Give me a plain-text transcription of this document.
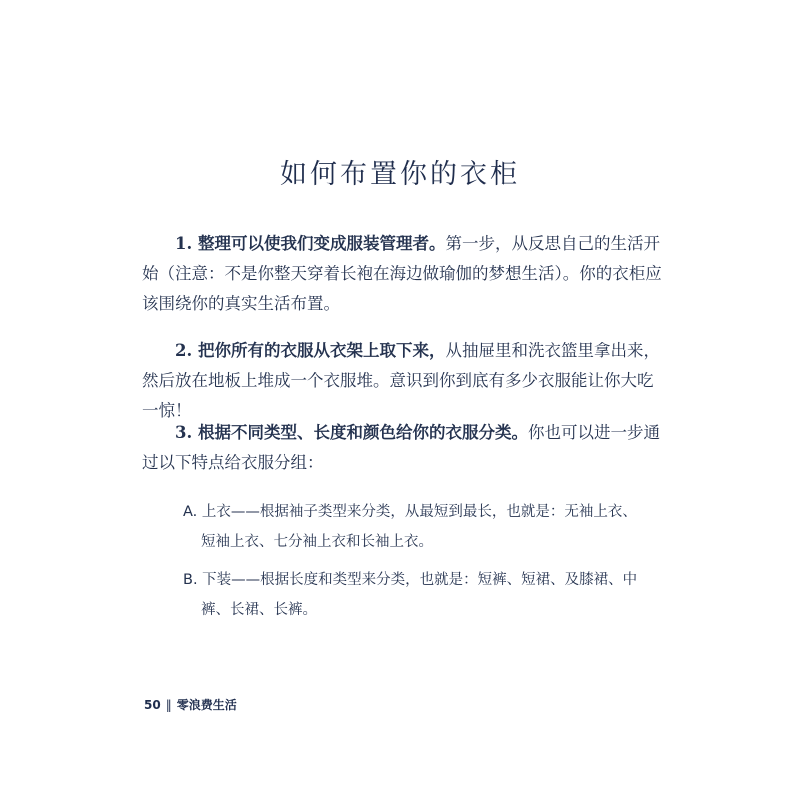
如何布置你的衣柜
1. 整理可以使我们变成服装管理者。第一步，从反思自己的生活开始（注意：不是你整天穿着长袍在海边做瑜伽的梦想生活）。你的衣柜应该围绕你的真实生活布置。
2. 把你所有的衣服从衣架上取下来，从抽屉里和洗衣篮里拿出来，然后放在地板上堆成一个衣服堆。意识到你到底有多少衣服能让你大吃一惊！
3. 根据不同类型、长度和颜色给你的衣服分类。你也可以进一步通过以下特点给衣服分组：
A. 上衣——根据袖子类型来分类，从最短到最长，也就是：无袖上衣、短袖上衣、七分袖上衣和长袖上衣。
B. 下装——根据长度和类型来分类，也就是：短裤、短裙、及膝裙、中裤、长裙、长裤。
50 ‖ 零浪费生活
